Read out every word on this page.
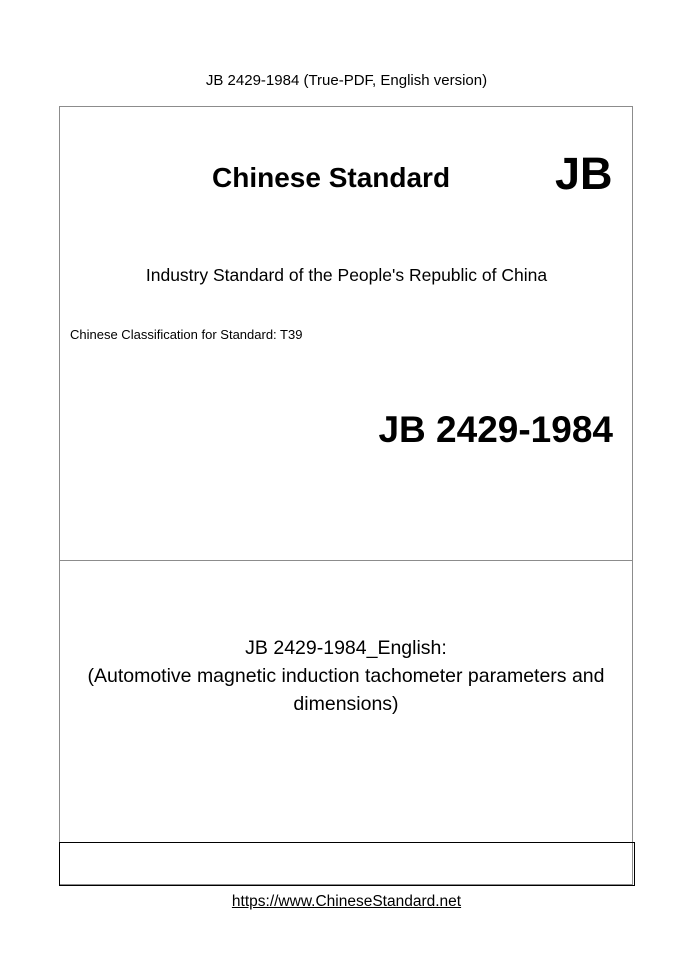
JB 2429-1984 (True-PDF, English version)
Chinese Standard JB
Industry Standard of the People's Republic of China
Chinese Classification for Standard: T39
JB 2429-1984
JB 2429-1984_English:
(Automotive magnetic induction tachometer parameters and
dimensions)
https://www.ChineseStandard.net
